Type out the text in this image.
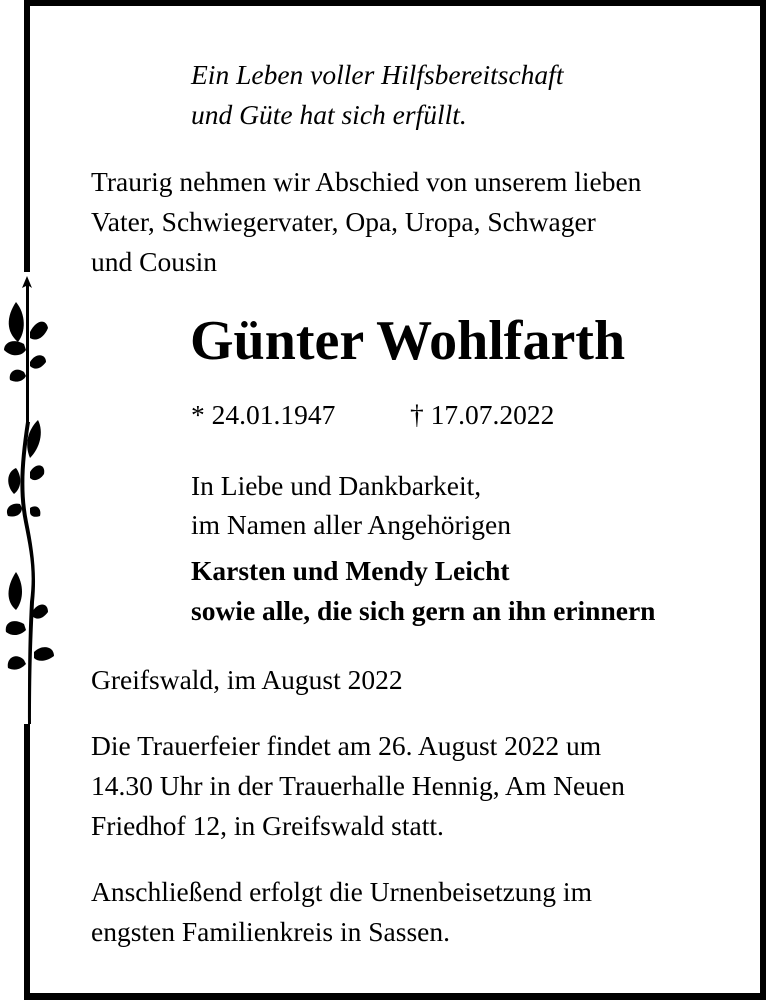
Ein Leben voller Hilfsbereitschaft
und Güte hat sich erfüllt.
Traurig nehmen wir Abschied von unserem lieben
Vater, Schwiegervater, Opa, Uropa, Schwager
und Cousin
Günter Wohlfarth
* 24.01.1947	† 17.07.2022
In Liebe und Dankbarkeit,
im Namen aller Angehörigen
Karsten und Mendy Leicht
sowie alle, die sich gern an ihn erinnern
Greifswald, im August 2022
Die Trauerfeier findet am 26. August 2022 um
14.30 Uhr in der Trauerhalle Hennig, Am Neuen
Friedhof 12, in Greifswald statt.
Anschließend erfolgt die Urnenbeisetzung im
engsten Familienkreis in Sassen.
